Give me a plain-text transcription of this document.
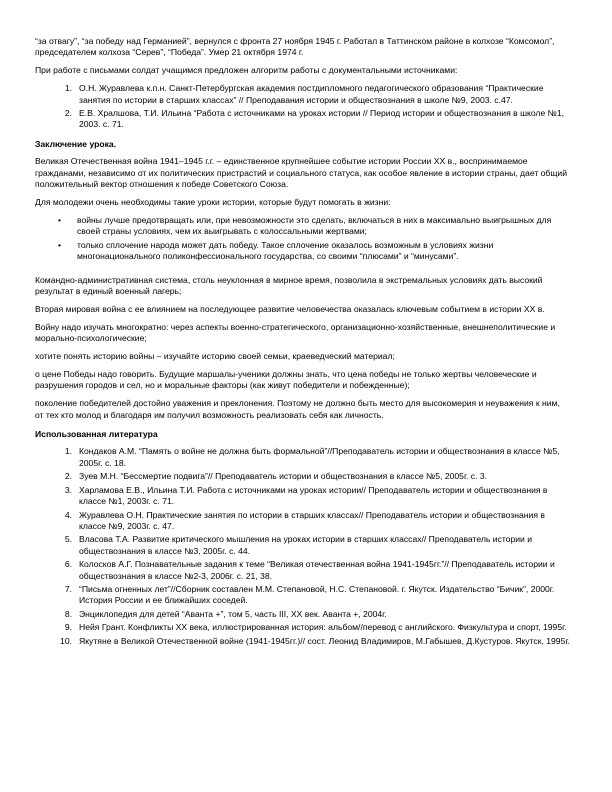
“за отвагу”, “за победу над Германией”, вернулся с фронта 27 ноября 1945 г. Работал в Таттинском районе в колхозе “Комсомол”, председателем колхоза “Серев”, “Победа”. Умер 21 октября 1974 г.

При работе с письмами солдат учащимся предложен алгоритм работы с документальными источниками:

1. О.Н. Журавлева к.п.н. Санкт-Петербургская академия постдипломного педагогического образования “Практические занятия по истории в старших классах” // Преподавания истории и обществознания в школе №9, 2003. с.47.
2. Е.В. Хралшова, Т.И. Ильина “Работа с источниками на уроках истории // Период истории и обществознания в школе №1, 2003. с. 71.
Заключение урока.

Великая Отечественная война 1941–1945 г.г. – единственное крупнейшее событие истории России ХХ в., воспринимаемое гражданами, независимо от их политических пристрастий и социального статуса, как особое явление в истории страны, дает общий положительный вектор отношения к победе Советского Союза.

Для молодежи очень необходимы такие уроки истории, которые будут помогать в жизни:

• войны лучше предотвращать или, при невозможности это сделать, включаться в них в максимально выигрышных для своей страны условиях, чем их выигрывать с колоссальными жертвами;
• только сплочение народа может дать победу. Такое сплочение оказалось возможным в условиях жизни многонационального поликонфессионального государства, со своими “плюсами” и “минусами”.

Командно-административная система, столь неуклонная в мирное время, позволила в экстремальных условиях дать высокий результат в единый военный лагерь;

Вторая мировая война с ее влиянием на последующее развитие человечества оказалась ключевым событием в истории ХХ в.

Войну надо изучать многократно: через аспекты военно-стратегического, организационно-хозяйственные, внешнеполитические и морально-психологические;

хотите понять историю войны – изучайте историю своей семьи, краеведческий материал;

о цене Победы надо говорить. Будущие маршалы-ученики должны знать, что цена победы не только жертвы человеческие и разрушения городов и сел, но и моральные факторы (как живут победители и побежденные);

поколение победителей достойно уважения и преклонения. Поэтому не должно быть место для высокомерия и неуважения к ним, от тех кто молод и благодаря им получил возможность реализовать себя как личность.

Использованная литература
1. Кондаков А.М. “Память о войне не должна быть формальной”//Преподаватель истории и обществознания в классе №5, 2005г. с. 18.
2. Зуев М.Н. “Бессмертие подвига”// Преподаватель истории и обществознания в классе №5, 2005г. с. 3.
3. Харламова Е.В., Ильина Т.И. Работа с источниками на уроках истории// Преподаватель истории и обществознания в классе №1, 2003г. с. 71.
4. Журавлева О.Н. Практические занятия по истории в старших классах// Преподаватель истории и обществознания в классе №9, 2003г. с. 47.
5. Власова Т.А. Развитие критического мышления на уроках истории в старших классах// Преподаватель истории и обществознания в классе №3, 2005г. с. 44.
6. Колосков А.Г. Познавательные задания к теме “Великая отечественная война 1941-1945гг.”// Преподаватель истории и обществознания в классе №2-3, 2006г. с. 21, 38.
7. “Письма огненных лет”//Сборник составлен М.М. Степановой, Н.С. Степановой. г. Якутск. Издательство “Бичик”, 2000г. История России и ее ближайших соседей.
8. Энциклопедия для детей “Аванта +”, том 5, часть III, ХХ век. Аванта +, 2004г.
9. Нейя Грант. Конфликты ХХ века, иллюстрированная история: альбом//перевод с английского. Физкультура и спорт, 1995г.
10. Якутяне в Великой Отечественной войне (1941-1945гг.)// сост. Леонид Владимиров, М.Габышев, Д.Кустуров. Якутск, 1995г.
